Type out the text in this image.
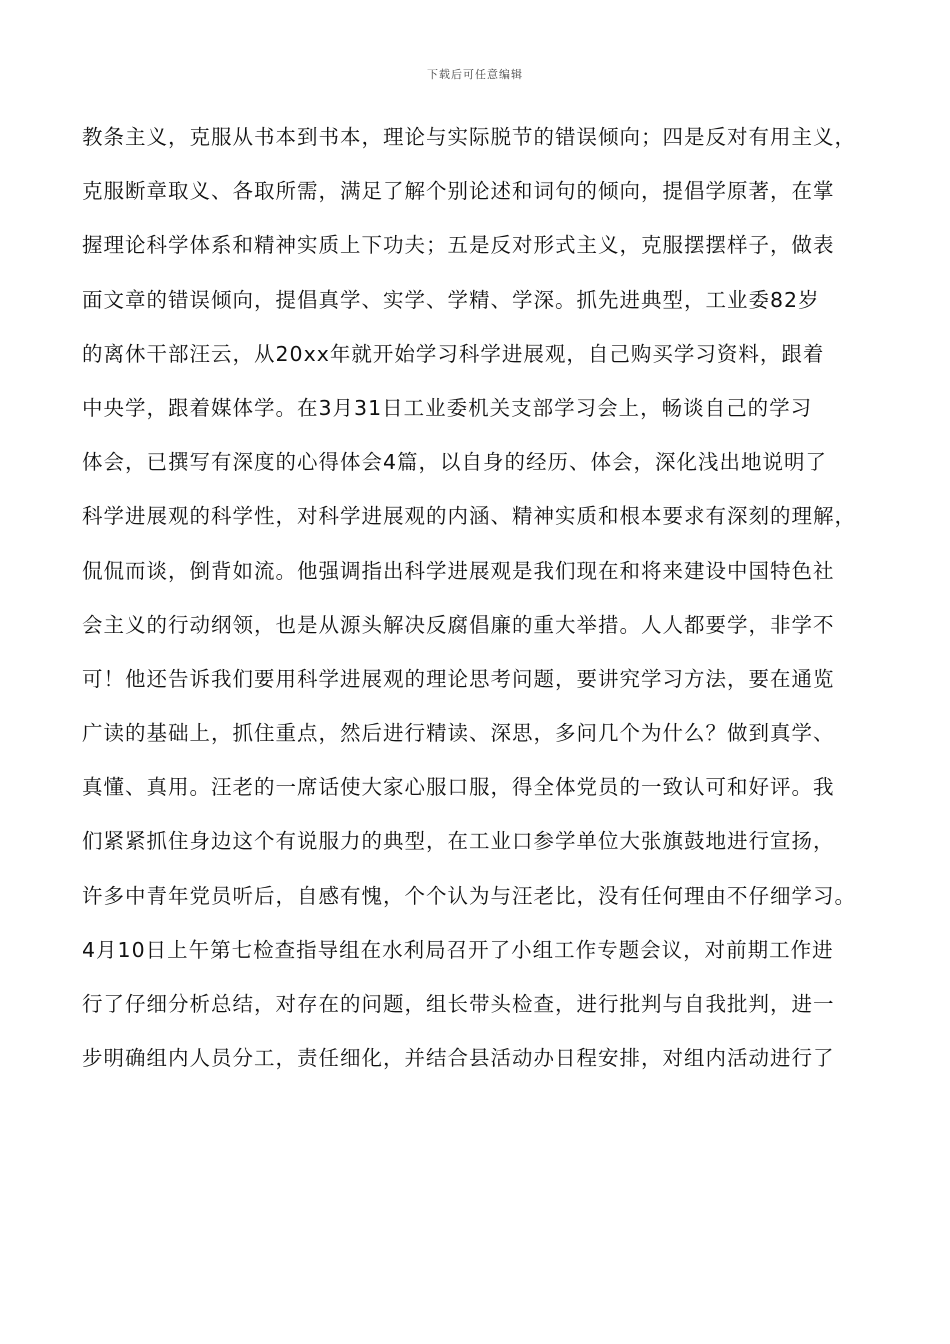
下载后可任意编辑
教条主义，克服从书本到书本，理论与实际脱节的错误倾向；四是反对有用主义，
克服断章取义、各取所需，满足了解个别论述和词句的倾向，提倡学原著，在掌
握理论科学体系和精神实质上下功夫；五是反对形式主义，克服摆摆样子，做表
面文章的错误倾向，提倡真学、实学、学精、学深。抓先进典型，工业委82岁
的离休干部汪云，从20xx年就开始学习科学进展观，自己购买学习资料，跟着
中央学，跟着媒体学。在3月31日工业委机关支部学习会上，畅谈自己的学习
体会，已撰写有深度的心得体会4篇，以自身的经历、体会，深化浅出地说明了
科学进展观的科学性，对科学进展观的内涵、精神实质和根本要求有深刻的理解，
侃侃而谈，倒背如流。他强调指出科学进展观是我们现在和将来建设中国特色社
会主义的行动纲领，也是从源头解决反腐倡廉的重大举措。人人都要学，非学不
可！他还告诉我们要用科学进展观的理论思考问题，要讲究学习方法，要在通览
广读的基础上，抓住重点，然后进行精读、深思，多问几个为什么？做到真学、
真懂、真用。汪老的一席话使大家心服口服，得全体党员的一致认可和好评。我
们紧紧抓住身边这个有说服力的典型，在工业口参学单位大张旗鼓地进行宣扬，
许多中青年党员听后，自感有愧，个个认为与汪老比，没有任何理由不仔细学习。
4月10日上午第七检查指导组在水利局召开了小组工作专题会议，对前期工作进
行了仔细分析总结，对存在的问题，组长带头检查，进行批判与自我批判，进一
步明确组内人员分工，责任细化，并结合县活动办日程安排，对组内活动进行了
